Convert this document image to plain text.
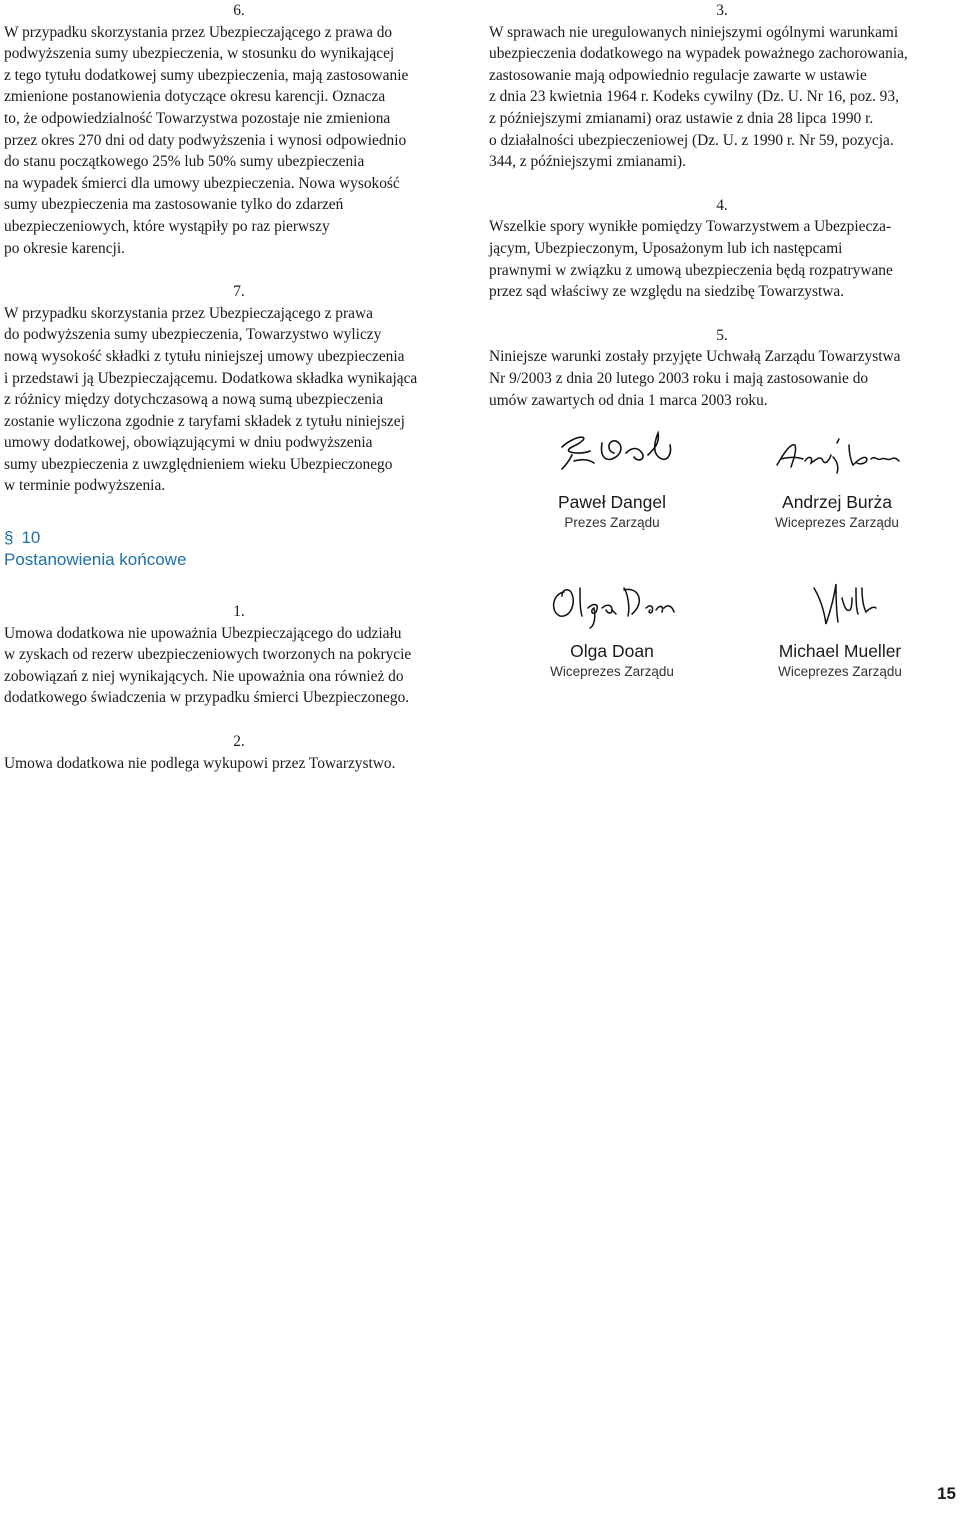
6.

W przypadku skorzystania przez Ubezpieczającego z prawa do
podwyższenia sumy ubezpieczenia, w stosunku do wynikającej
z tego tytułu dodatkowej sumy ubezpieczenia, mają zastosowanie
zmienione postanowienia dotyczące okresu karencji. Oznacza
to, że odpowiedzialność Towarzystwa pozostaje nie zmieniona
przez okres 270 dni od daty podwyższenia i wynosi odpowiednio
do stanu początkowego 25% lub 50% sumy ubezpieczenia
na wypadek śmierci dla umowy ubezpieczenia. Nowa wysokość
sumy ubezpieczenia ma zastosowanie tylko do zdarzeń
ubezpieczeniowych, które wystąpiły po raz pierwszy
po okresie karencji.

7.

W przypadku skorzystania przez Ubezpieczającego z prawa
do podwyższenia sumy ubezpieczenia, Towarzystwo wyliczy
nową wysokość składki z tytułu niniejszej umowy ubezpieczenia
i przedstawi ją Ubezpieczającemu. Dodatkowa składka wynikająca
z różnicy między dotychczasową a nową sumą ubezpieczenia
zostanie wyliczona zgodnie z taryfami składek z tytułu niniejszej
umowy dodatkowej, obowiązującymi w dniu podwyższenia
sumy ubezpieczenia z uwzględnieniem wieku Ubezpieczonego
w terminie podwyższenia.

§ 10

Postanowienia końcowe

1.

Umowa dodatkowa nie upoważnia Ubezpieczającego do udziału
w zyskach od rezerw ubezpieczeniowych tworzonych na pokrycie
zobowiązań z niej wynikających. Nie upoważnia ona również do
dodatkowego świadczenia w przypadku śmierci Ubezpieczonego.

2.

Umowa dodatkowa nie podlega wykupowi przez Towarzystwo.

3.

W sprawach nie uregulowanych niniejszymi ogólnymi warunkami
ubezpieczenia dodatkowego na wypadek poważnego zachorowania,
zastosowanie mają odpowiednio regulacje zawarte w ustawie
z dnia 23 kwietnia 1964 r. Kodeks cywilny (Dz. U. Nr 16, poz. 93,
z późniejszymi zmianami) oraz ustawie z dnia 28 lipca 1990 r.
o działalności ubezpieczeniowej (Dz. U. z 1990 r. Nr 59, pozycja.
344, z późniejszymi zmianami).

4.

Wszelkie spory wynikłe pomiędzy Towarzystwem a Ubezpiecza-
jącym, Ubezpieczonym, Uposażonym lub ich następcami
prawnymi w związku z umową ubezpieczenia będą rozpatrywane
przez sąd właściwy ze względu na siedzibę Towarzystwa.

5.

Niniejsze warunki zostały przyjęte Uchwałą Zarządu Towarzystwa
Nr 9/2003 z dnia 20 lutego 2003 roku i mają zastosowanie do
umów zawartych od dnia 1 marca 2003 roku.

Paweł Dangel
Prezes Zarządu
Andrzej Burża
Wiceprezes Zarządu
Olga Doan
Wiceprezes Zarządu
Michael Mueller
Wiceprezes Zarządu
15
